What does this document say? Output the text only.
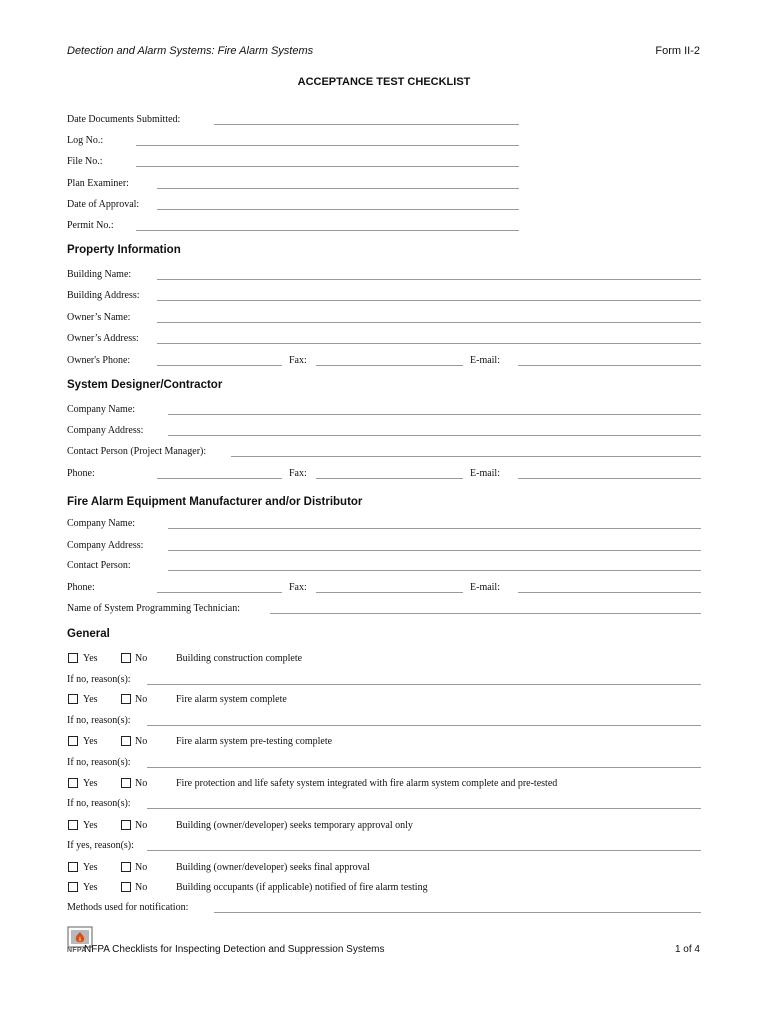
Detection and Alarm Systems: Fire Alarm Systems	Form II-2
ACCEPTANCE TEST CHECKLIST
Date Documents Submitted:
Log No.:
File No.:
Plan Examiner:
Date of Approval:
Permit No.:
Property Information
Building Name:
Building Address:
Owner’s Name:
Owner’s Address:
Owner's Phone:	Fax:	E-mail:
System Designer/Contractor
Company Name:
Company Address:
Contact Person (Project Manager):
Phone:	Fax:	E-mail:
Fire Alarm Equipment Manufacturer and/or Distributor
Company Name:
Company Address:
Contact Person:
Phone:	Fax:	E-mail:
Name of System Programming Technician:
General
Yes	No	Building construction complete
If no, reason(s):
Yes	No	Fire alarm system complete
If no, reason(s):
Yes	No	Fire alarm system pre-testing complete
If no, reason(s):
Yes	No	Fire protection and life safety system integrated with fire alarm system complete and pre-tested
If no, reason(s):
Yes	No	Building (owner/developer) seeks temporary approval only
If yes, reason(s):
Yes	No	Building (owner/developer) seeks final approval
Yes	No	Building occupants (if applicable) notified of fire alarm testing
Methods used for notification:
NFPA
NFPA Checklists for Inspecting Detection and Suppression Systems	1 of 4
